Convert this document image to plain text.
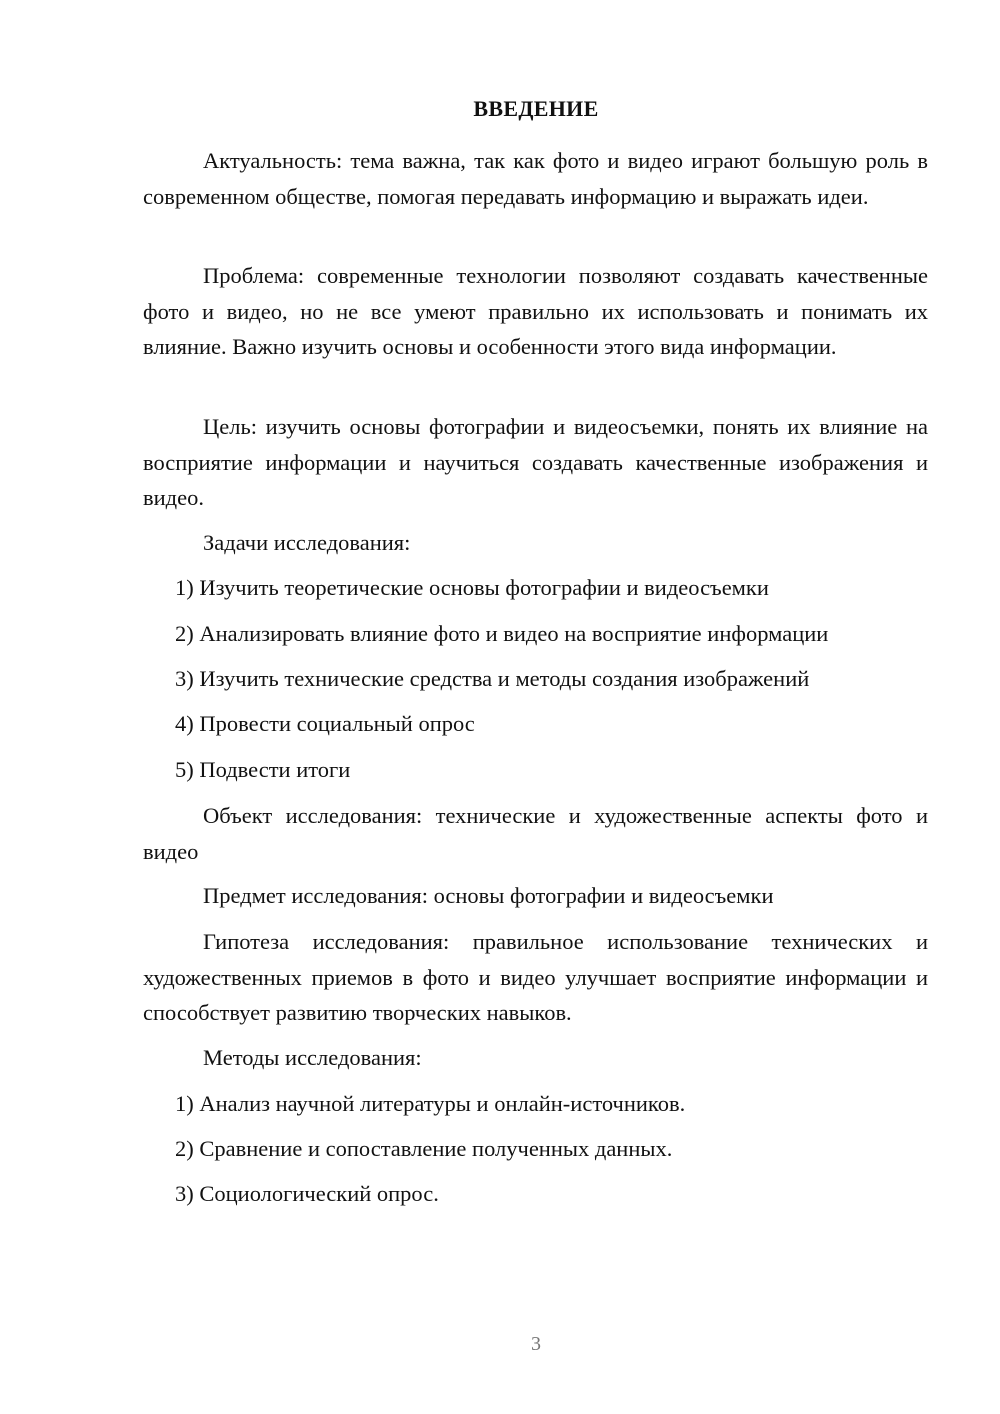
ВВЕДЕНИЕ

Актуальность: тема важна, так как фото и видео играют большую роль в современном обществе, помогая передавать информацию и выражать идеи.

Проблема: современные технологии позволяют создавать качественные фото и видео, но не все умеют правильно их использовать и понимать их влияние. Важно изучить основы и особенности этого вида информации.

Цель: изучить основы фотографии и видеосъемки, понять их влияние на восприятие информации и научиться создавать качественные изображения и видео.

Задачи исследования:

1) Изучить теоретические основы фотографии и видеосъемки

2) Анализировать влияние фото и видео на восприятие информации

3) Изучить технические средства и методы создания изображений

4) Провести социальный опрос

5) Подвести итоги

Объект исследования: технические и художественные аспекты фото и видео

Предмет исследования: основы фотографии и видеосъемки

Гипотеза исследования: правильное использование технических и художественных приемов в фото и видео улучшает восприятие информации и способствует развитию творческих навыков.

Методы исследования:

1) Анализ научной литературы и онлайн-источников.

2) Сравнение и сопоставление полученных данных.

3) Социологический опрос.

3
